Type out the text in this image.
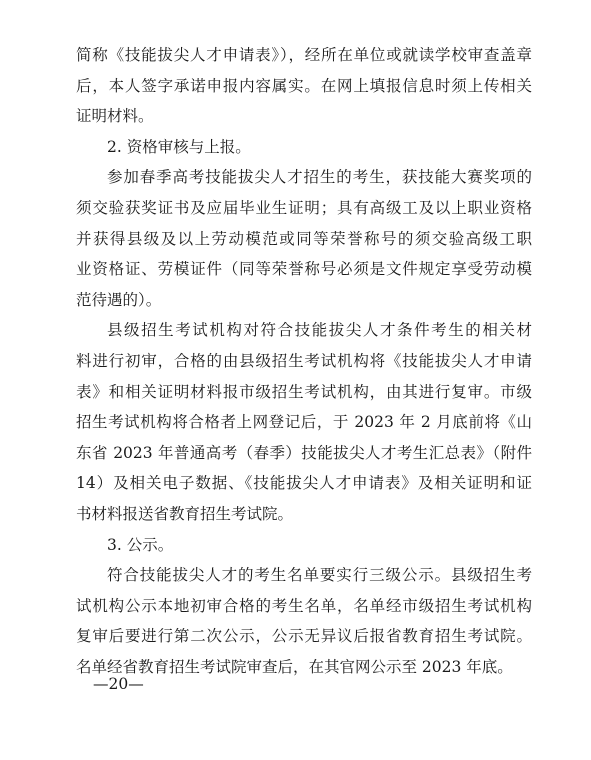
简称《技能拔尖人才申请表》），经所在单位或就读学校审查盖章
后，本人签字承诺申报内容属实。在网上填报信息时须上传相关
证明材料。
2. 资格审核与上报。
参加春季高考技能拔尖人才招生的考生，获技能大赛奖项的
须交验获奖证书及应届毕业生证明；具有高级工及以上职业资格
并获得县级及以上劳动模范或同等荣誉称号的须交验高级工职
业资格证、劳模证件（同等荣誉称号必须是文件规定享受劳动模
范待遇的）。
县级招生考试机构对符合技能拔尖人才条件考生的相关材
料进行初审，合格的由县级招生考试机构将《技能拔尖人才申请
表》和相关证明材料报市级招生考试机构，由其进行复审。市级
招生考试机构将合格者上网登记后，于 2023 年 2 月底前将《山
东省 2023 年普通高考（春季）技能拔尖人才考生汇总表》（附件
14）及相关电子数据、《技能拔尖人才申请表》及相关证明和证
书材料报送省教育招生考试院。
3. 公示。
符合技能拔尖人才的考生名单要实行三级公示。县级招生考
试机构公示本地初审合格的考生名单，名单经市级招生考试机构
复审后要进行第二次公示，公示无异议后报省教育招生考试院。
名单经省教育招生考试院审查后，在其官网公示至 2023 年底。
—20—
